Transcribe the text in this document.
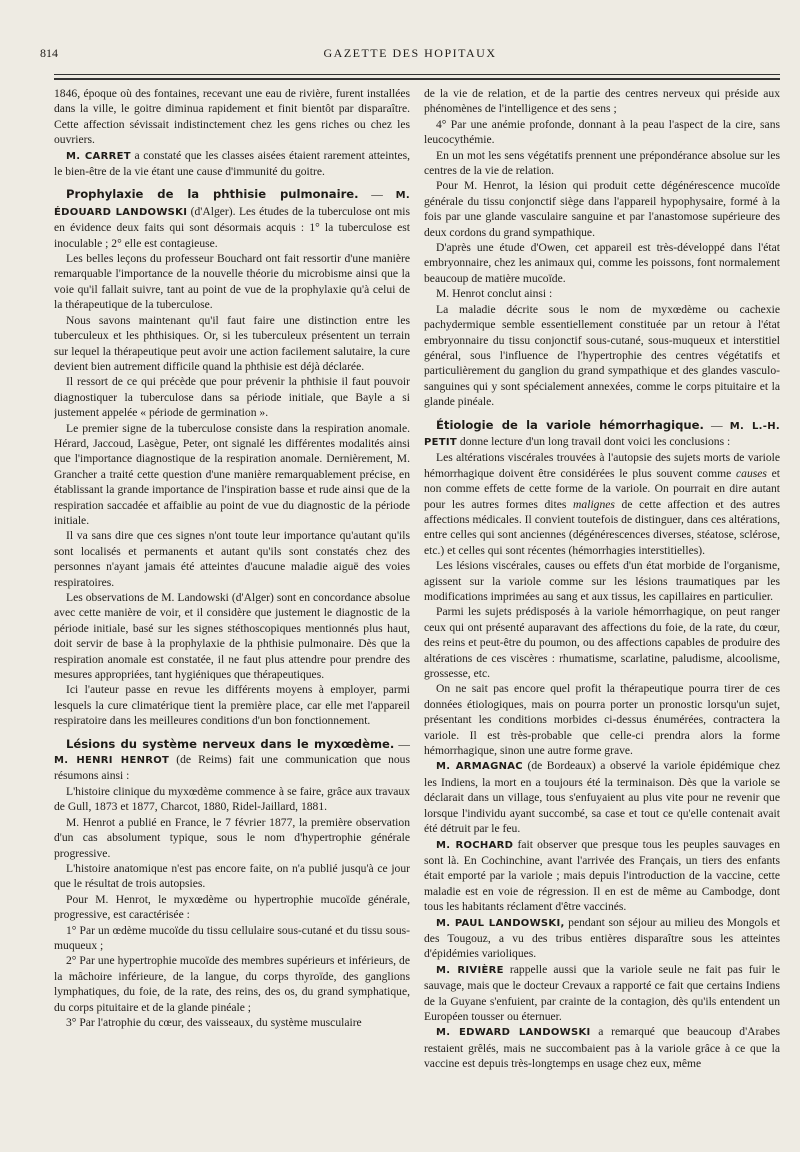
814	GAZETTE DES HOPITAUX

1846, époque où des fontaines, recevant une eau de rivière, furent installées dans la ville, le goitre diminua rapidement et finit bientôt par disparaître. Cette affection sévissait indistinctement chez les gens riches ou chez les ouvriers.

M. CARRET a constaté que les classes aisées étaient rarement atteintes, le bien-être de la vie étant une cause d'immunité du goitre.

Prophylaxie de la phthisie pulmonaire. — M. ÉDOUARD LANDOWSKI (d'Alger). Les études de la tuberculose ont mis en évidence deux faits qui sont désormais acquis : 1° la tuberculose est inoculable ; 2° elle est contagieuse.

Les belles leçons du professeur Bouchard ont fait ressortir d'une manière remarquable l'importance de la nouvelle théorie du microbisme ainsi que la voie qu'il fallait suivre, tant au point de vue de la prophylaxie qu'à celui de la thérapeutique de la tuberculose.

Nous savons maintenant qu'il faut faire une distinction entre les tuberculeux et les phthisiques. Or, si les tuberculeux présentent un terrain sur lequel la thérapeutique peut avoir une action facilement salutaire, la cure devient bien autrement difficile quand la phthisie est déjà déclarée.

Il ressort de ce qui précède que pour prévenir la phthisie il faut pouvoir diagnostiquer la tuberculose dans sa période initiale, que Bayle a si justement appelée « période de germination ».

Le premier signe de la tuberculose consiste dans la respiration anomale. Hérard, Jaccoud, Lasègue, Peter, ont signalé les différentes modalités ainsi que l'importance diagnostique de la respiration anomale. Dernièrement, M. Grancher a traité cette question d'une manière remarquablement précise, en établissant la grande importance de l'inspiration basse et rude ainsi que de la respiration saccadée et affaiblie au point de vue du diagnostic de la période initiale.

Il va sans dire que ces signes n'ont toute leur importance qu'autant qu'ils sont localisés et permanents et autant qu'ils sont constatés chez des personnes n'ayant jamais été atteintes d'aucune maladie aiguë des voies respiratoires.

Les observations de M. Landowski (d'Alger) sont en concordance absolue avec cette manière de voir, et il considère que justement le diagnostic de la période initiale, basé sur les signes stéthoscopiques mentionnés plus haut, doit servir de base à la prophylaxie de la phthisie pulmonaire. Dès que la respiration anomale est constatée, il ne faut plus attendre pour prendre des mesures appropriées, tant hygiéniques que thérapeutiques.

Ici l'auteur passe en revue les différents moyens à employer, parmi lesquels la cure climatérique tient la première place, car elle met l'appareil respiratoire dans les meilleures conditions d'un bon fonctionnement.

Lésions du système nerveux dans le myxœdème. — M. HENRI HENROT (de Reims) fait une communication que nous résumons ainsi :

L'histoire clinique du myxœdème commence à se faire, grâce aux travaux de Gull, 1873 et 1877, Charcot, 1880, Ridel-Jaillard, 1881.

M. Henrot a publié en France, le 7 février 1877, la première observation d'un cas absolument typique, sous le nom d'hypertrophie générale progressive.

L'histoire anatomique n'est pas encore faite, on n'a publié jusqu'à ce jour que le résultat de trois autopsies.

Pour M. Henrot, le myxœdème ou hypertrophie mucoïde générale, progressive, est caractérisée :

1° Par un œdème mucoïde du tissu cellulaire sous-cutané et du tissu sous-muqueux ;

2° Par une hypertrophie mucoïde des membres supérieurs et inférieurs, de la mâchoire inférieure, de la langue, du corps thyroïde, des ganglions lymphatiques, du foie, de la rate, des reins, des os, du grand symphatique, du corps pituitaire et de la glande pinéale ;

3° Par l'atrophie du cœur, des vaisseaux, du système musculaire

de la vie de relation, et de la partie des centres nerveux qui préside aux phénomènes de l'intelligence et des sens ;

4° Par une anémie profonde, donnant à la peau l'aspect de la cire, sans leucocythémie.

En un mot les sens végétatifs prennent une prépondérance absolue sur les centres de la vie de relation.

Pour M. Henrot, la lésion qui produit cette dégénérescence mucoïde générale du tissu conjonctif siège dans l'appareil hypophysaire, formé à la fois par une glande vasculaire sanguine et par l'anastomose supérieure des deux cordons du grand sympathique.

D'après une étude d'Owen, cet appareil est très-développé dans l'état embryonnaire, chez les animaux qui, comme les poissons, font normalement beaucoup de matière mucoïde.

M. Henrot conclut ainsi :

La maladie décrite sous le nom de myxœdème ou cachexie pachydermique semble essentiellement constituée par un retour à l'état embryonnaire du tissu conjonctif sous-cutané, sous-muqueux et interstitiel général, sous l'influence de l'hypertrophie des centres végétatifs et particulièrement du ganglion du grand sympathique et des glandes vasculo-sanguines qui y sont spécialement annexées, comme le corps pituitaire et la glande pinéale.

Étiologie de la variole hémorrhagique. — M. L.-H. PETIT donne lecture d'un long travail dont voici les conclusions :

Les altérations viscérales trouvées à l'autopsie des sujets morts de variole hémorrhagique doivent être considérées le plus souvent comme causes et non comme effets de cette forme de la variole. On pourrait en dire autant pour les autres formes dites malignes de cette affection et des autres affections médicales. Il convient toutefois de distinguer, dans ces altérations, entre celles qui sont anciennes (dégénérescences diverses, stéatose, sclérose, etc.) et celles qui sont récentes (hémorrhagies interstitielles).

Les lésions viscérales, causes ou effets d'un état morbide de l'organisme, agissent sur la variole comme sur les lésions traumatiques par les modifications imprimées au sang et aux tissus, les capillaires en particulier.

Parmi les sujets prédisposés à la variole hémorrhagique, on peut ranger ceux qui ont présenté auparavant des affections du foie, de la rate, du cœur, des reins et peut-être du poumon, ou des affections capables de produire des altérations de ces viscères : rhumatisme, scarlatine, paludisme, alcoolisme, grossesse, etc.

On ne sait pas encore quel profit la thérapeutique pourra tirer de ces données étiologiques, mais on pourra porter un pronostic lorsqu'un sujet, présentant les conditions morbides ci-dessus énumérées, contractera la variole. Il est très-probable que celle-ci prendra alors la forme hémorrhagique, sinon une autre forme grave.

M. ARMAGNAC (de Bordeaux) a observé la variole épidémique chez les Indiens, la mort en a toujours été la terminaison. Dès que la variole se déclarait dans un village, tous s'enfuyaient au plus vite pour ne revenir que lorsque l'individu ayant succombé, sa case et tout ce qu'elle contenait avait été détruit par le feu.

M. ROCHARD fait observer que presque tous les peuples sauvages en sont là. En Cochinchine, avant l'arrivée des Français, un tiers des enfants était emporté par la variole ; mais depuis l'introduction de la vaccine, cette maladie est en voie de régression. Il en est de même au Cambodge, dont tous les habitants réclament d'être vaccinés.

M. PAUL LANDOWSKI, pendant son séjour au milieu des Mongols et des Tougouz, a vu des tribus entières disparaître sous les atteintes d'épidémies varioliques.

M. RIVIÈRE rappelle aussi que la variole seule ne fait pas fuir le sauvage, mais que le docteur Crevaux a rapporté ce fait que certains Indiens de la Guyane s'enfuient, par crainte de la contagion, dès qu'ils entendent un Européen tousser ou éternuer.

M. EDWARD LANDOWSKI a remarqué que beaucoup d'Arabes restaient grêlés, mais ne succombaient pas à la variole grâce à ce que la vaccine est depuis très-longtemps en usage chez eux, même
